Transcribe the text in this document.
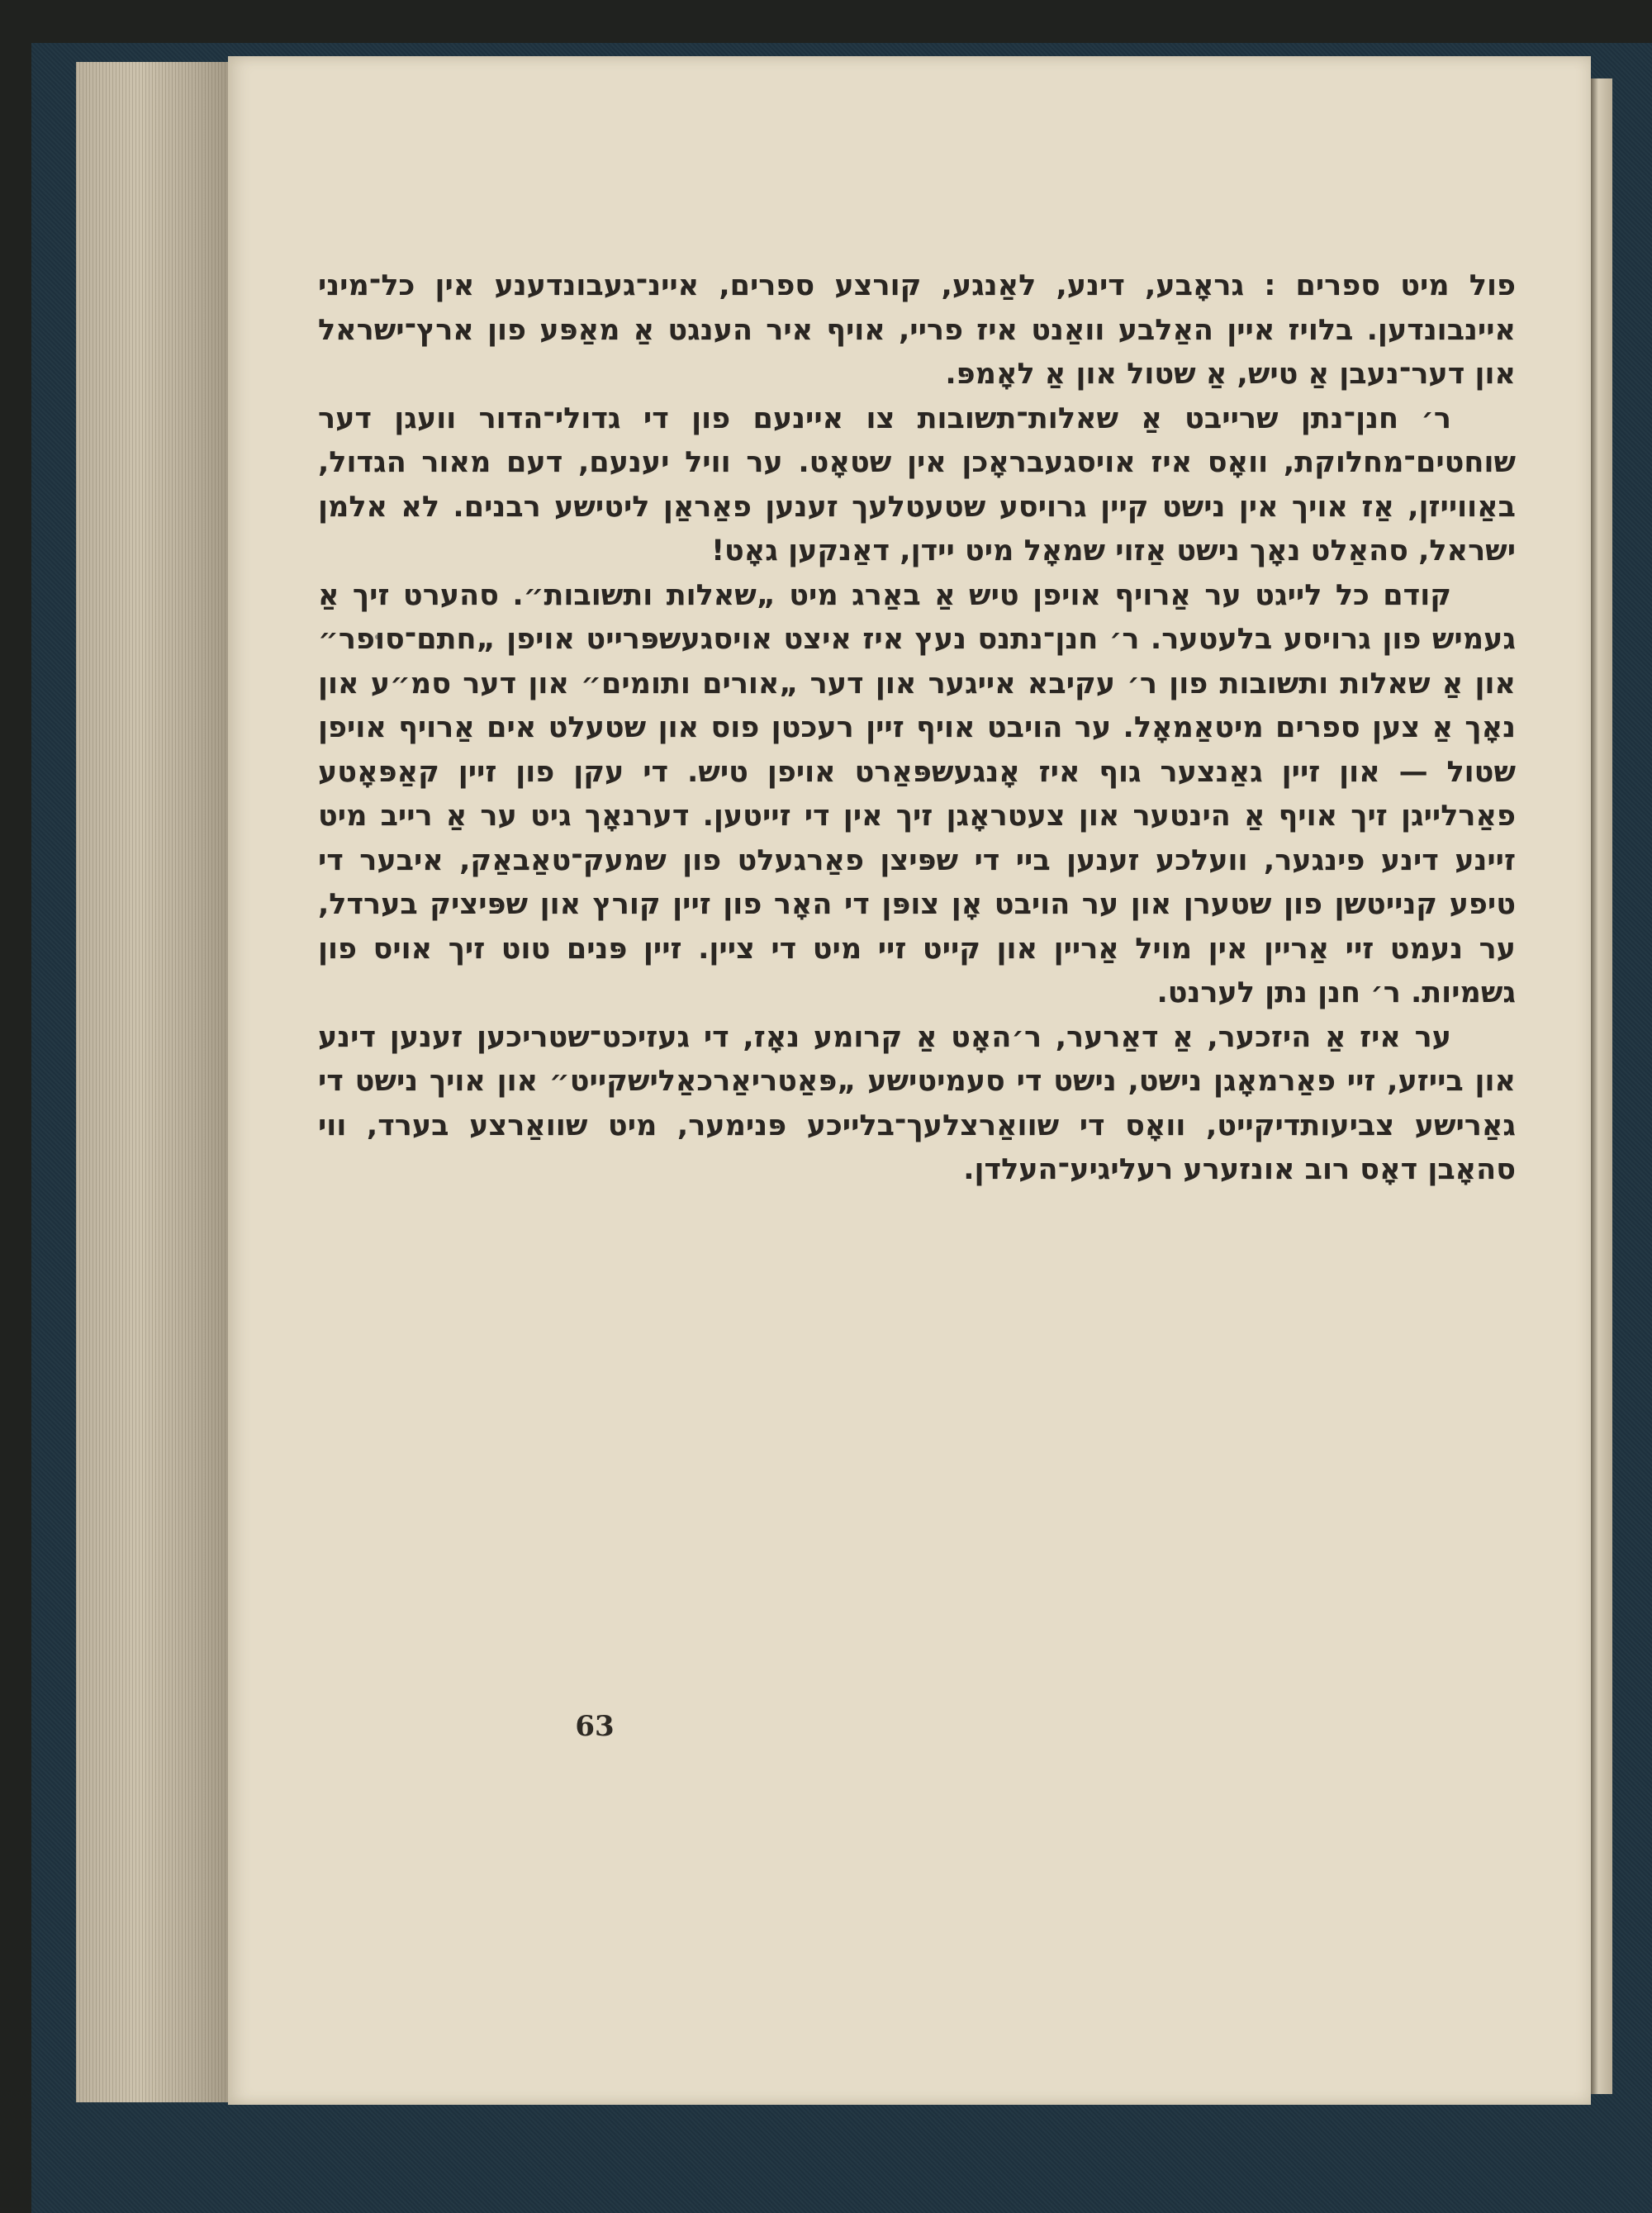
פול מיט ספרים : גראָבע, דינע, לאַנגע, קורצע ספרים, איינ־געבונדענע אין כל־מיני איינבונדען. בלויז איין האַלבע וואַנט איז פריי, אויף איר הענגט אַ מאַפּע פון ארץ־ישראל און דער־נעבן אַ טיש, אַ שטול און אַ לאָמפּ.

ר׳ חנן־נתן שרייבט אַ שאלות־תשובות צו איינעם פון די גדולי־הדור וועגן דער שוחטים־מחלוקת, וואָס איז אויסגעבראָכן אין שטאָט. ער וויל יענעם, דעם מאור הגדול, באַווייזן, אַז אויך אין נישט קיין גרויסע שטעטלעך זענען פאַראַן ליטישע רבנים. לא אלמן ישראל, סהאַלט נאָך נישט אַזוי שמאָל מיט יידן, דאַנקען גאָט!

קודם כל לייגט ער אַרויף אויפן טיש אַ באַרג מיט „שאלות ותשובות״. סהערט זיך אַ געמיש פון גרויסע בלעטער. ר׳ חנן־נתנס נעץ איז איצט אויסגעשפּרייט אויפן „חתם־סופר״ און אַ שאלות ותשובות פון ר׳ עקיבא אייגער און דער „אורים ותומים״ און דער סמ״ע און נאָך אַ צען ספרים מיטאַמאָל. ער הויבט אויף זיין רעכטן פוס און שטעלט אים אַרויף אויפן שטול — און זיין גאַנצער גוף איז אָנגעשפּאַרט אויפן טיש. די עקן פון זיין קאַפּאָטע פאַרלייגן זיך אויף אַ הינטער און צעטראָגן זיך אין די זייטען. דערנאָך גיט ער אַ רייב מיט זיינע דינע פינגער, וועלכע זענען ביי די שפּיצן פאַרגעלט פון שמעק־טאַבאַק, איבער די טיפע קנייטשן פון שטערן און ער הויבט אָן צופּן די האָר פון זיין קורץ און שפּיציק בערדל, ער נעמט זיי אַריין אין מויל אַריין און קייט זיי מיט די ציין. זיין פּנים טוט זיך אויס פון גשמיות. ר׳ חנן נתן לערנט.

ער איז אַ היזכער, אַ דאַרער, ר׳האָט אַ קרומע נאָז, די געזיכט־שטריכען זענען דינע און בייזע, זיי פאַרמאָגן נישט, נישט די סעמיטישע „פּאַטריאַרכאַלישקייט״ און אויך נישט די גאַרישע צביעותדיקייט, וואָס די שוואַרצלעך־בלייכע פּנימער, מיט שוואַרצע בערד, ווי סהאָבן דאָס רוב אונזערע רעליגיע־העלדן.

63
